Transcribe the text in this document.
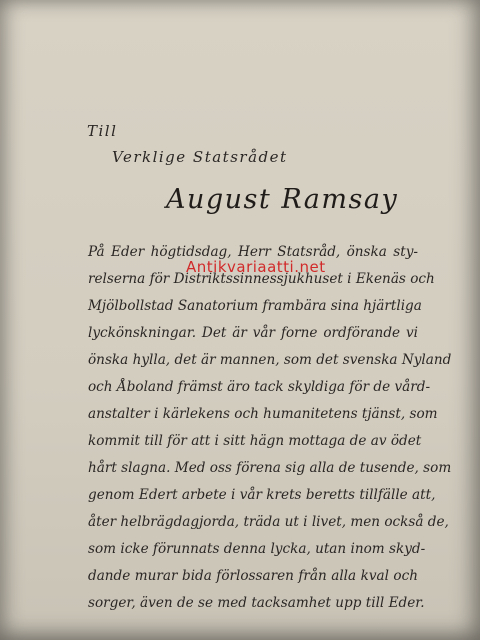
Till
Verklige Statsrådet
August Ramsay
På Eder högtidsdag, Herr Statsråd, önska sty-
relserna för Distriktssinnessjukhuset i Ekenäs och
Mjölbollstad Sanatorium frambära sina hjärtliga
lyckönskningar. Det är vår forne ordförande vi
önska hylla, det är mannen, som det svenska Nyland
och Åboland främst äro tack skyldiga för de vård-
anstalter i kärlekens och humanitetens tjänst, som
kommit till för att i sitt hägn mottaga de av ödet
hårt slagna. Med oss förena sig alla de tusende, som
genom Edert arbete i vår krets beretts tillfälle att,
åter helbrägdagjorda, träda ut i livet, men också de,
som icke förunnats denna lycka, utan inom skyd-
dande murar bida förlossaren från alla kval och
sorger, även de se med tacksamhet upp till Eder.
Antikvariaatti.net
